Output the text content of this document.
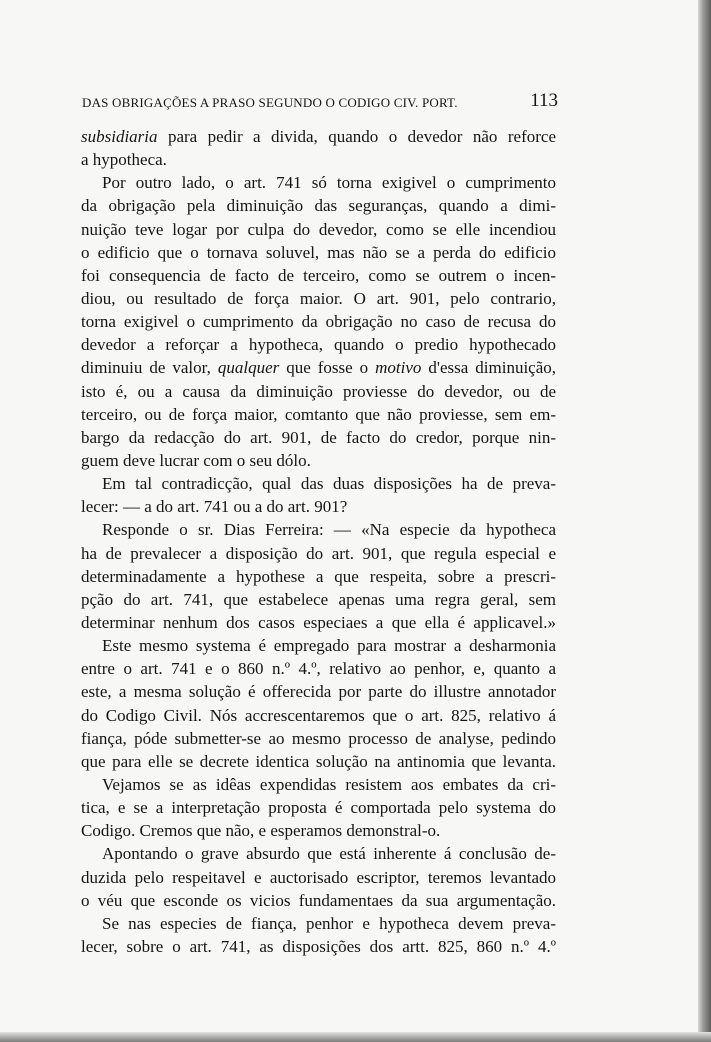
DAS OBRIGAÇÕES A PRASO SEGUNDO O CODIGO CIV. PORT.	113
subsidiaria para pedir a divida, quando o devedor não reforce
a hypotheca.
Por outro lado, o art. 741 só torna exigivel o cumprimento
da obrigação pela diminuição das seguranças, quando a dimi-
nuição teve logar por culpa do devedor, como se elle incendiou
o edificio que o tornava soluvel, mas não se a perda do edificio
foi consequencia de facto de terceiro, como se outrem o incen-
diou, ou resultado de força maior. O art. 901, pelo contrario,
torna exigivel o cumprimento da obrigação no caso de recusa do
devedor a reforçar a hypotheca, quando o predio hypothecado
diminuiu de valor, qualquer que fosse o motivo d'essa diminuição,
isto é, ou a causa da diminuição proviesse do devedor, ou de
terceiro, ou de força maior, comtanto que não proviesse, sem em-
bargo da redacção do art. 901, de facto do credor, porque nin-
guem deve lucrar com o seu dólo.
Em tal contradicção, qual das duas disposições ha de preva-
lecer: — a do art. 741 ou a do art. 901?
Responde o sr. Dias Ferreira: — «Na especie da hypotheca
ha de prevalecer a disposição do art. 901, que regula especial e
determinadamente a hypothese a que respeita, sobre a prescri-
pção do art. 741, que estabelece apenas uma regra geral, sem
determinar nenhum dos casos especiaes a que ella é applicavel.»
Este mesmo systema é empregado para mostrar a desharmonia
entre o art. 741 e o 860 n.º 4.º, relativo ao penhor, e, quanto a
este, a mesma solução é offerecida por parte do illustre annotador
do Codigo Civil. Nós accrescentaremos que o art. 825, relativo á
fiança, póde submetter-se ao mesmo processo de analyse, pedindo
que para elle se decrete identica solução na antinomia que levanta.
Vejamos se as idêas expendidas resistem aos embates da cri-
tica, e se a interpretação proposta é comportada pelo systema do
Codigo. Cremos que não, e esperamos demonstral-o.
Apontando o grave absurdo que está inherente á conclusão de-
duzida pelo respeitavel e auctorisado escriptor, teremos levantado
o véu que esconde os vicios fundamentaes da sua argumentação.
Se nas especies de fiança, penhor e hypotheca devem preva-
lecer, sobre o art. 741, as disposições dos artt. 825, 860 n.º 4.º
